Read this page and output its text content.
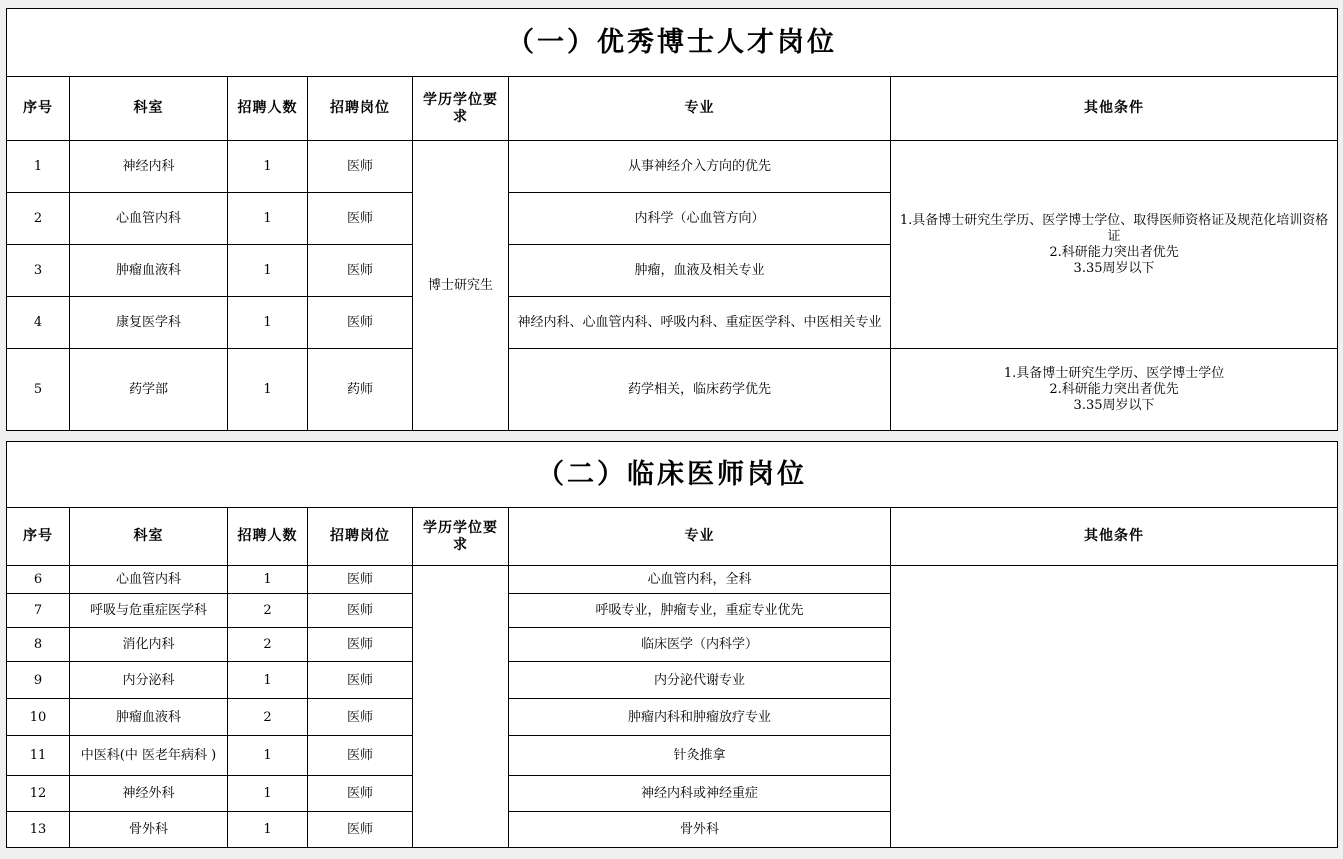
（一）优秀博士人才岗位						
序号	科室	招聘人数	招聘岗位	学历学位要求	专业	其他条件
1	神经内科	1	医师	博士研究生	从事神经介入方向的优先	1.具备博士研究生学历、医学博士学位、取得医师资格证及规范化培训资格证
2.科研能力突出者优先
3.35周岁以下

2	心血管内科	1	医师		内科学（心血管方向）	
3	肿瘤血液科	1	医师		肿瘤，血液及相关专业	
4	康复医学科	1	医师		神经内科、心血管内科、呼吸内科、重症医学科、中医相关专业	
5	药学部	1	药师		药学相关，临床药学优先	1.具备博士研究生学历、医学博士学位
2.科研能力突出者优先
3.35周岁以下
（二）临床医师岗位						
序号	科室	招聘人数	招聘岗位	学历学位要求	专业	其他条件
6	心血管内科	1	医师		心血管内科，全科	
7	呼吸与危重症医学科	2	医师		呼吸专业，肿瘤专业，重症专业优先	
8	消化内科	2	医师		临床医学（内科学）	
9	内分泌科	1	医师		内分泌代谢专业	
10	肿瘤血液科	2	医师		肿瘤内科和肿瘤放疗专业	
11	中医科(中 医老年病科 )	1	医师		针灸推拿	
12	神经外科	1	医师		神经内科或神经重症	
13	骨外科	1	医师		骨外科	
